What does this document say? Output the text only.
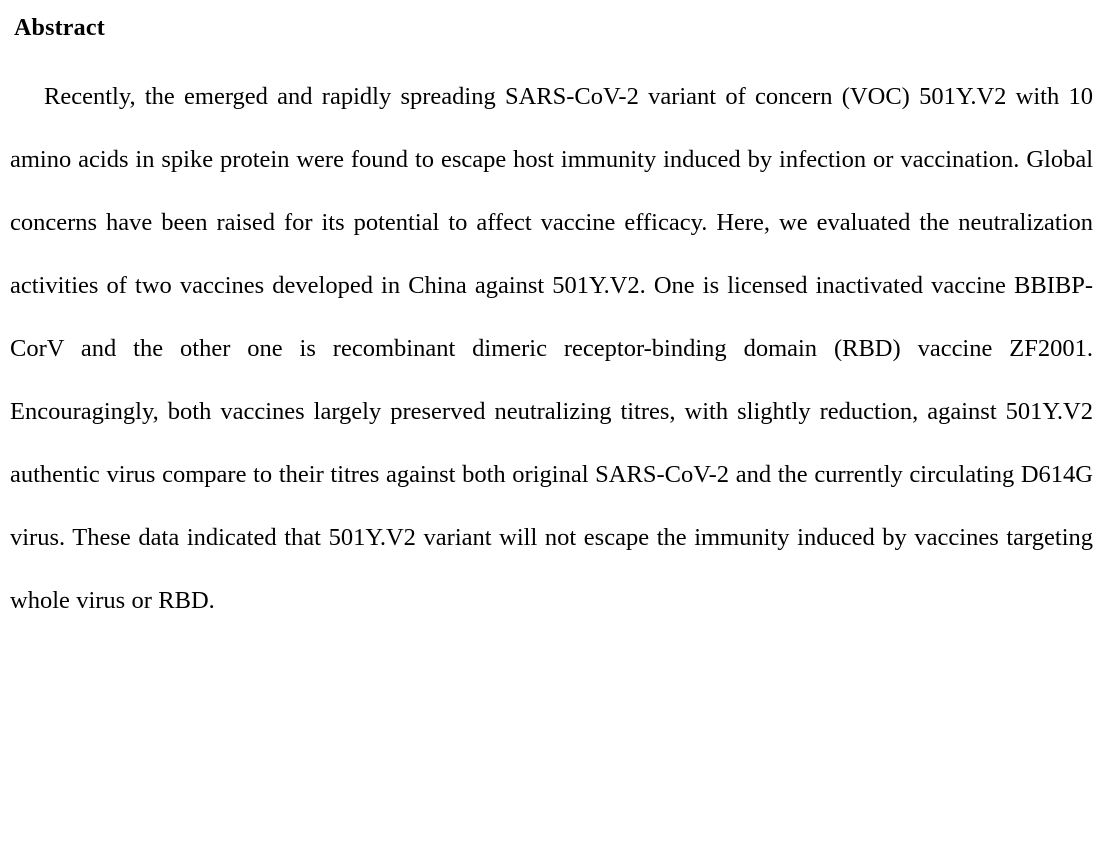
Abstract

Recently, the emerged and rapidly spreading SARS-CoV-2 variant of concern (VOC) 501Y.V2 with 10 amino acids in spike protein were found to escape host immunity induced by infection or vaccination. Global concerns have been raised for its potential to affect vaccine efficacy. Here, we evaluated the neutralization activities of two vaccines developed in China against 501Y.V2. One is licensed inactivated vaccine BBIBP-CorV and the other one is recombinant dimeric receptor-binding domain (RBD) vaccine ZF2001. Encouragingly, both vaccines largely preserved neutralizing titres, with slightly reduction, against 501Y.V2 authentic virus compare to their titres against both original SARS-CoV-2 and the currently circulating D614G virus. These data indicated that 501Y.V2 variant will not escape the immunity induced by vaccines targeting whole virus or RBD.
